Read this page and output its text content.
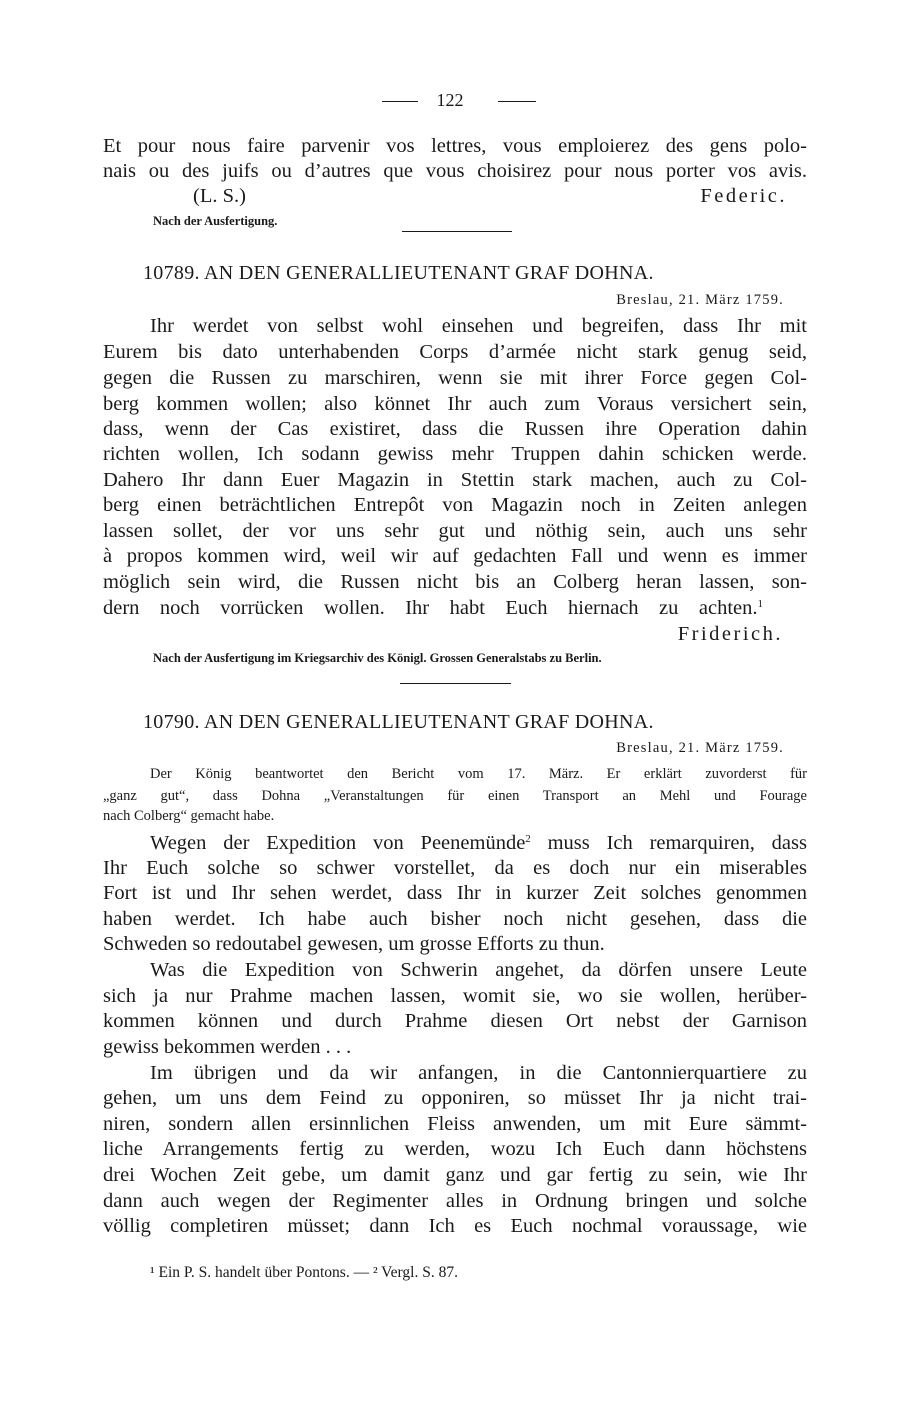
122
Et pour nous faire parvenir vos lettres, vous emploierez des gens polo-
nais ou des juifs ou d’autres que vous choisirez pour nous porter vos avis.
(L. S.)	Federic.
Nach der Ausfertigung.
10789. AN DEN GENERALLIEUTENANT GRAF DOHNA.
Breslau, 21. März 1759.
Ihr werdet von selbst wohl einsehen und begreifen, dass Ihr mit
Eurem bis dato unterhabenden Corps d’armée nicht stark genug seid,
gegen die Russen zu marschiren, wenn sie mit ihrer Force gegen Col-
berg kommen wollen; also könnet Ihr auch zum Voraus versichert sein,
dass, wenn der Cas existiret, dass die Russen ihre Operation dahin
richten wollen, Ich sodann gewiss mehr Truppen dahin schicken werde.
Dahero Ihr dann Euer Magazin in Stettin stark machen, auch zu Col-
berg einen beträchtlichen Entrepôt von Magazin noch in Zeiten anlegen
lassen sollet, der vor uns sehr gut und nöthig sein, auch uns sehr
à propos kommen wird, weil wir auf gedachten Fall und wenn es immer
möglich sein wird, die Russen nicht bis an Colberg heran lassen, son-
dern noch vorrücken wollen. Ihr habt Euch hiernach zu achten.$^1$
Friderich.
Nach der Ausfertigung im Kriegsarchiv des Königl. Grossen Generalstabs zu Berlin.
10790. AN DEN GENERALLIEUTENANT GRAF DOHNA.
Breslau, 21. März 1759.
Der König beantwortet den Bericht vom 17. März. Er erklärt zuvorderst für
„ganz gut“, dass Dohna „Veranstaltungen für einen Transport an Mehl und Fourage
nach Colberg“ gemacht habe.
Wegen der Expedition von Peenemünde$^2$ muss Ich remarquiren, dass
Ihr Euch solche so schwer vorstellet, da es doch nur ein miserables
Fort ist und Ihr sehen werdet, dass Ihr in kurzer Zeit solches genommen
haben werdet. Ich habe auch bisher noch nicht gesehen, dass die
Schweden so redoutabel gewesen, um grosse Efforts zu thun.
Was die Expedition von Schwerin angehet, da dörfen unsere Leute
sich ja nur Prahme machen lassen, womit sie, wo sie wollen, herüber-
kommen können und durch Prahme diesen Ort nebst der Garnison
gewiss bekommen werden . . .
Im übrigen und da wir anfangen, in die Cantonnierquartiere zu
gehen, um uns dem Feind zu opponiren, so müsset Ihr ja nicht trai-
niren, sondern allen ersinnlichen Fleiss anwenden, um mit Eure sämmt-
liche Arrangements fertig zu werden, wozu Ich Euch dann höchstens
drei Wochen Zeit gebe, um damit ganz und gar fertig zu sein, wie Ihr
dann auch wegen der Regimenter alles in Ordnung bringen und solche
völlig completiren müsset; dann Ich es Euch nochmal voraussage, wie
¹ Ein P. S. handelt über Pontons. — ² Vergl. S. 87.
